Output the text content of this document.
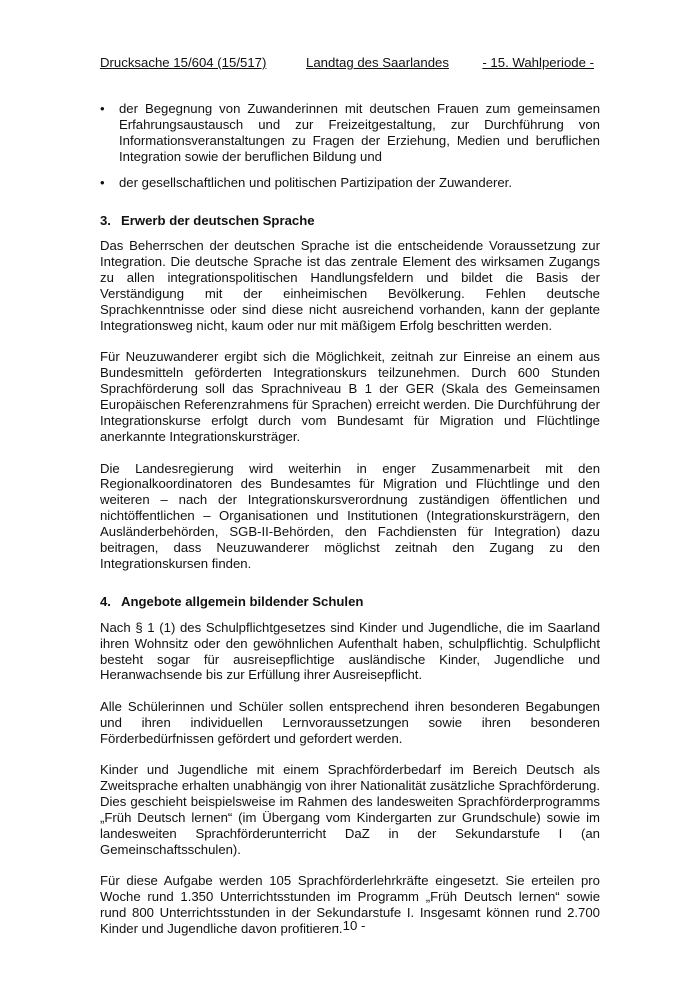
Drucksache 15/604 (15/517)	Landtag des Saarlandes	- 15. Wahlperiode -
• der Begegnung von Zuwanderinnen mit deutschen Frauen zum gemeinsamen Erfahrungsaustausch und zur Freizeitgestaltung, zur Durchführung von Informationsveranstaltungen zu Fragen der Erziehung, Medien und beruflichen Integration sowie der beruflichen Bildung und
• der gesellschaftlichen und politischen Partizipation der Zuwanderer.
3. Erwerb der deutschen Sprache

Das Beherrschen der deutschen Sprache ist die entscheidende Voraussetzung zur Integration. Die deutsche Sprache ist das zentrale Element des wirksamen Zugangs zu allen integrationspolitischen Handlungsfeldern und bildet die Basis der Verständigung mit der einheimischen Bevölkerung. Fehlen deutsche Sprachkenntnisse oder sind diese nicht ausreichend vorhanden, kann der geplante Integrationsweg nicht, kaum oder nur mit mäßigem Erfolg beschritten werden.

Für Neuzuwanderer ergibt sich die Möglichkeit, zeitnah zur Einreise an einem aus Bundesmitteln geförderten Integrationskurs teilzunehmen. Durch 600 Stunden Sprachförderung soll das Sprachniveau B 1 der GER (Skala des Gemeinsamen Europäischen Referenzrahmens für Sprachen) erreicht werden. Die Durchführung der Integrationskurse erfolgt durch vom Bundesamt für Migration und Flüchtlinge anerkannte Integrationskursträger.

Die Landesregierung wird weiterhin in enger Zusammenarbeit mit den Regionalkoordinatoren des Bundesamtes für Migration und Flüchtlinge und den weiteren – nach der Integrationskursverordnung zuständigen öffentlichen und nichtöffentlichen – Organisationen und Institutionen (Integrationskursträgern, den Ausländerbehörden, SGB-II-Behörden, den Fachdiensten für Integration) dazu beitragen, dass Neuzuwanderer möglichst zeitnah den Zugang zu den Integrationskursen finden.

4. Angebote allgemein bildender Schulen

Nach § 1 (1) des Schulpflichtgesetzes sind Kinder und Jugendliche, die im Saarland ihren Wohnsitz oder den gewöhnlichen Aufenthalt haben, schulpflichtig. Schulpflicht besteht sogar für ausreisepflichtige ausländische Kinder, Jugendliche und Heranwachsende bis zur Erfüllung ihrer Ausreisepflicht.

Alle Schülerinnen und Schüler sollen entsprechend ihren besonderen Begabungen und ihren individuellen Lernvoraussetzungen sowie ihren besonderen Förderbedürfnissen gefördert und gefordert werden.

Kinder und Jugendliche mit einem Sprachförderbedarf im Bereich Deutsch als Zweitsprache erhalten unabhängig von ihrer Nationalität zusätzliche Sprachförderung. Dies geschieht beispielsweise im Rahmen des landesweiten Sprachförderprogramms „Früh Deutsch lernen“ (im Übergang vom Kindergarten zur Grundschule) sowie im landesweiten Sprachförderunterricht DaZ in der Sekundarstufe I (an Gemeinschaftsschulen).

Für diese Aufgabe werden 105 Sprachförderlehrkräfte eingesetzt. Sie erteilen pro Woche rund 1.350 Unterrichtsstunden im Programm „Früh Deutsch lernen“ sowie rund 800 Unterrichtsstunden in der Sekundarstufe I. Insgesamt können rund 2.700 Kinder und Jugendliche davon profitieren.

- 10 -
